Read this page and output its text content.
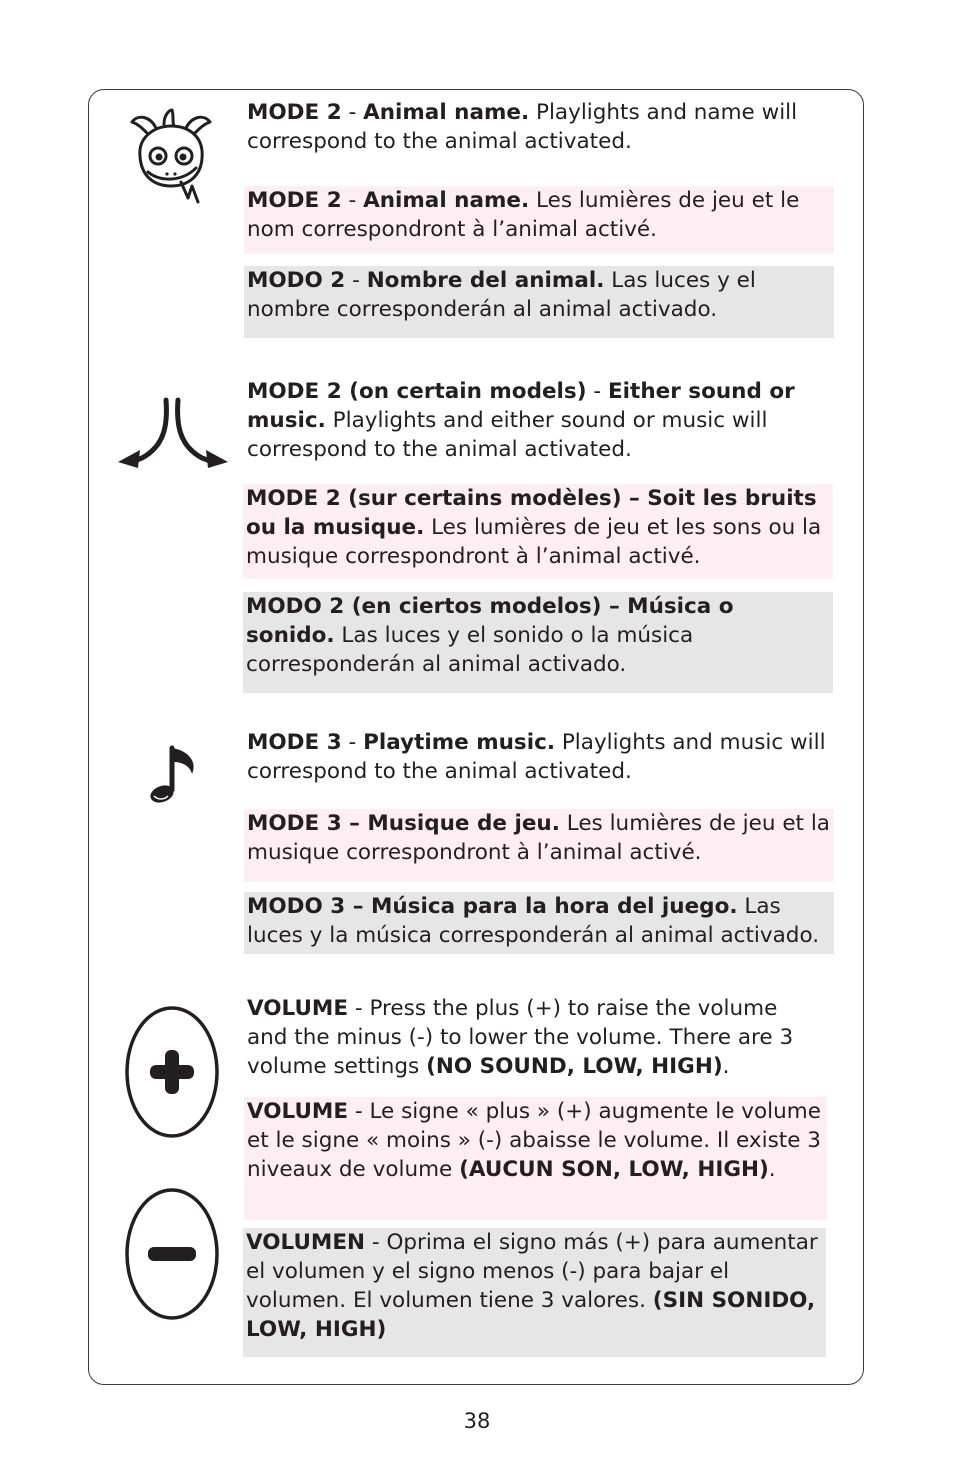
MODE 2 - Animal name. Playlights and name will correspond to the animal activated.
MODE 2 - Animal name. Les lumières de jeu et le nom correspondront à l’animal activé.
MODO 2 - Nombre del animal. Las luces y el nombre corresponderán al animal activado.
MODE 2 (on certain models) - Either sound or music. Playlights and either sound or music will correspond to the animal activated.
MODE 2 (sur certains modèles) – Soit les bruits ou la musique. Les lumières de jeu et les sons ou la musique correspondront à l’animal activé.
MODO 2 (en ciertos modelos) – Música o sonido. Las luces y el sonido o la música corresponderán al animal activado.
MODE 3 - Playtime music. Playlights and music will correspond to the animal activated.
MODE 3 – Musique de jeu. Les lumières de jeu et la musique correspondront à l’animal activé.
MODO 3 – Música para la hora del juego. Las luces y la música corresponderán al animal activado.
VOLUME - Press the plus (+) to raise the volume and the minus (-) to lower the volume. There are 3 volume settings (NO SOUND, LOW, HIGH).
VOLUME - Le signe « plus » (+) augmente le volume et le signe « moins » (-) abaisse le volume. Il existe 3 niveaux de volume (AUCUN SON, LOW, HIGH).
VOLUMEN - Oprima el signo más (+) para aumentar el volumen y el signo menos (-) para bajar el volumen. El volumen tiene 3 valores. (SIN SONIDO, LOW, HIGH)
38
